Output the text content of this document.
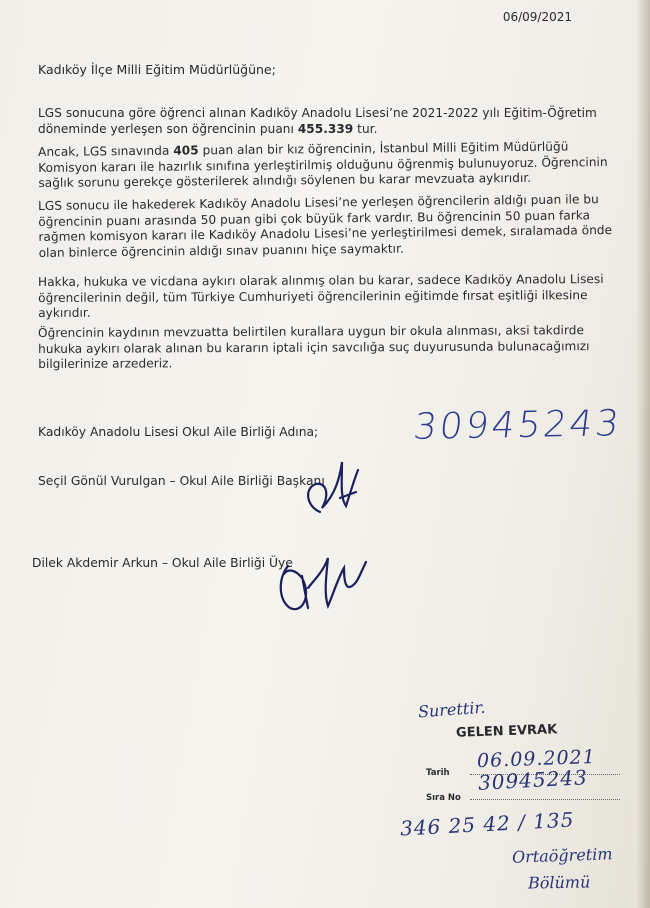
06/09/2021
Kadıköy İlçe Milli Eğitim Müdürlüğüne;
LGS sonucuna göre öğrenci alınan Kadıköy Anadolu Lisesi’ne 2021-2022 yılı Eğitim-Öğretim döneminde yerleşen son öğrencinin puanı 455.339 tur.
Ancak, LGS sınavında 405 puan alan bir kız öğrencinin, İstanbul Milli Eğitim Müdürlüğü Komisyon kararı ile hazırlık sınıfına yerleştirilmiş olduğunu öğrenmiş bulunuyoruz. Öğrencinin sağlık sorunu gerekçe gösterilerek alındığı söylenen bu karar mevzuata aykırıdır.
LGS sonucu ile hakederek Kadıköy Anadolu Lisesi’ne yerleşen öğrencilerin aldığı puan ile bu öğrencinin puanı arasında 50 puan gibi çok büyük fark vardır. Bu öğrencinin 50 puan farka rağmen komisyon kararı ile Kadıköy Anadolu Lisesi’ne yerleştirilmesi demek, sıralamada önde olan binlerce öğrencinin aldığı sınav puanını hiçe saymaktır.
Hakka, hukuka ve vicdana aykırı olarak alınmış olan bu karar, sadece Kadıköy Anadolu Lisesi öğrencilerinin değil, tüm Türkiye Cumhuriyeti öğrencilerinin eğitimde fırsat eşitliği ilkesine aykırıdır.
Öğrencinin kaydının mevzuatta belirtilen kurallara uygun bir okula alınması, aksi takdirde hukuka aykırı olarak alınan bu kararın iptali için savcılığa suç duyurusunda bulunacağımızı bilgilerinize arzederiz.
Kadıköy Anadolu Lisesi Okul Aile Birliği Adına;	30945243
Seçil Gönül Vurulgan – Okul Aile Birliği Başkanı
Dilek Akdemir Arkun – Okul Aile Birliği Üye
Surettir.
GELEN EVRAK
Tarih
06.09.2021
Sıra No
30945243
346 25 42 / 135
Ortaöğretim
Bölümü
